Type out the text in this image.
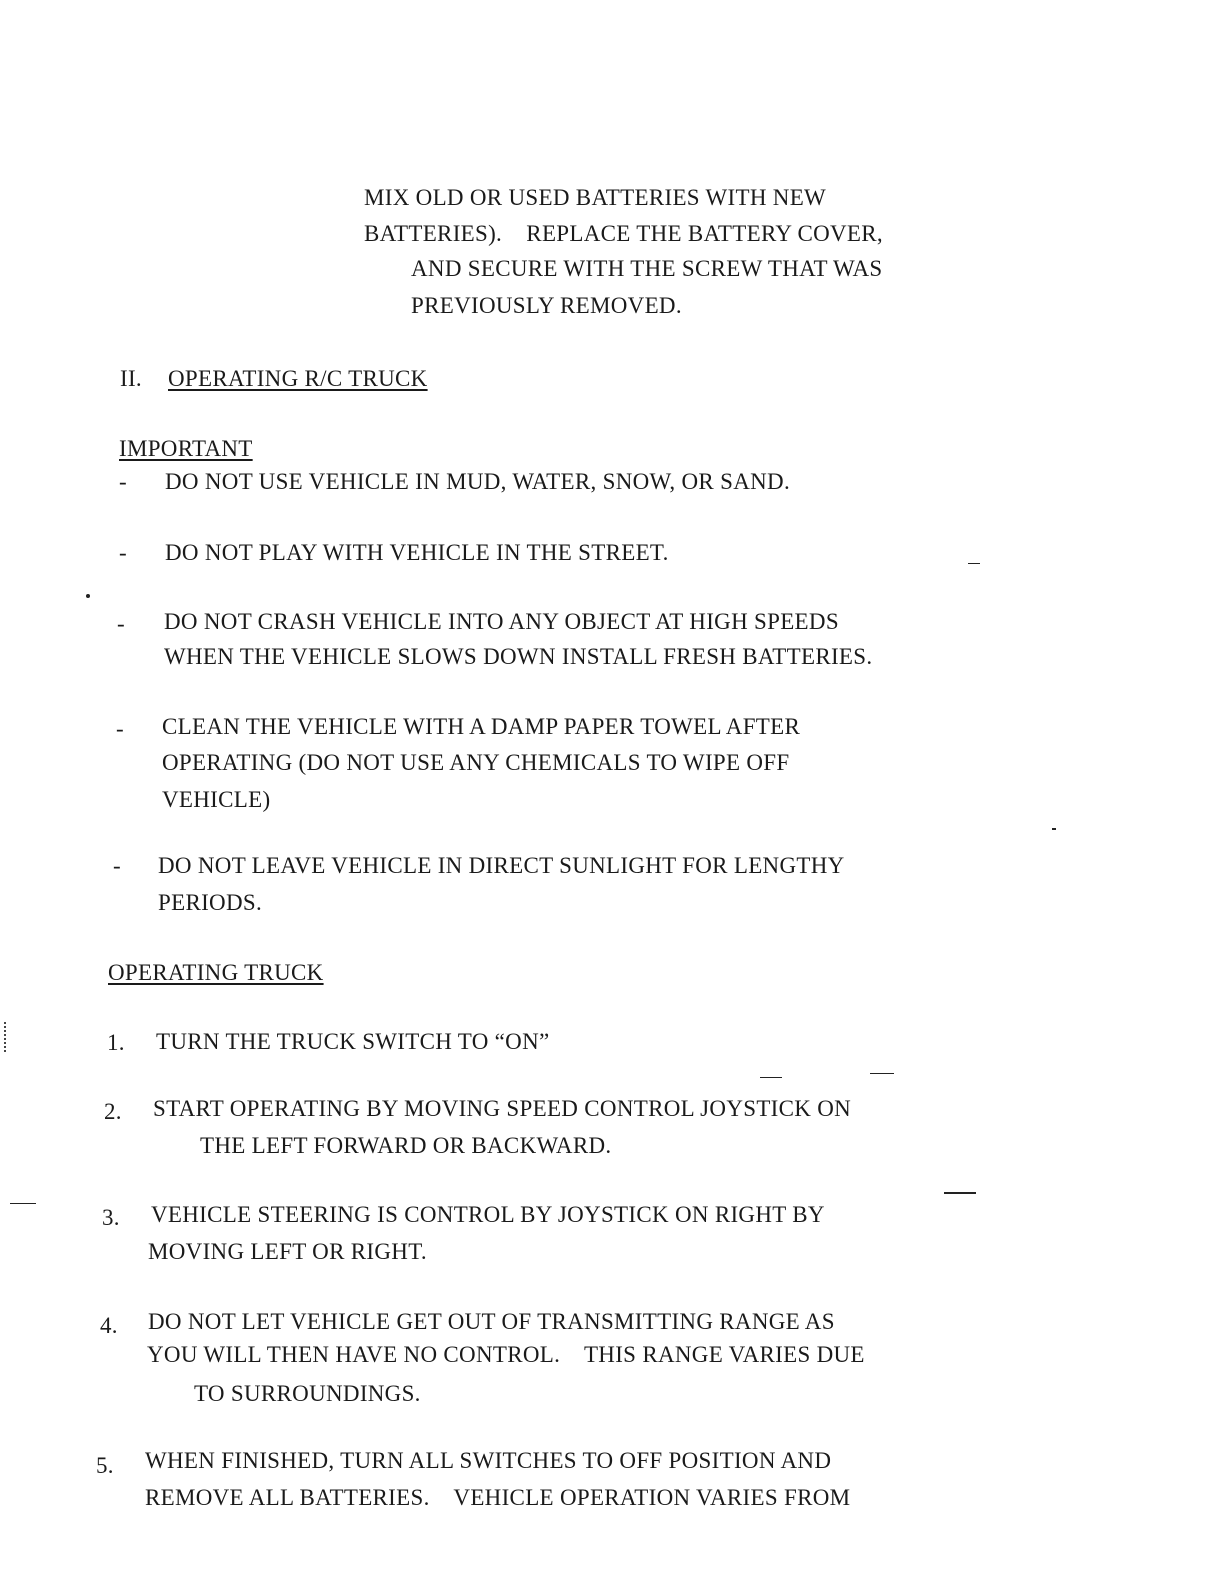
MIX OLD OR USED BATTERIES WITH NEW
BATTERIES).    REPLACE THE BATTERY COVER,
AND SECURE WITH THE SCREW THAT WAS
PREVIOUSLY REMOVED.
II. OPERATING R/C TRUCK
IMPORTANT
- DO NOT USE VEHICLE IN MUD, WATER, SNOW, OR SAND.
- DO NOT PLAY WITH VEHICLE IN THE STREET.
- DO NOT CRASH VEHICLE INTO ANY OBJECT AT HIGH SPEEDS
WHEN THE VEHICLE SLOWS DOWN INSTALL FRESH BATTERIES.
- CLEAN THE VEHICLE WITH A DAMP PAPER TOWEL AFTER
OPERATING (DO NOT USE ANY CHEMICALS TO WIPE OFF
VEHICLE)
- DO NOT LEAVE VEHICLE IN DIRECT SUNLIGHT FOR LENGTHY
PERIODS.
OPERATING TRUCK
1. TURN THE TRUCK SWITCH TO “ON”
2. START OPERATING BY MOVING SPEED CONTROL JOYSTICK ON
THE LEFT FORWARD OR BACKWARD.
3. VEHICLE STEERING IS CONTROL BY JOYSTICK ON RIGHT BY
MOVING LEFT OR RIGHT.
4. DO NOT LET VEHICLE GET OUT OF TRANSMITTING RANGE AS
YOU WILL THEN HAVE NO CONTROL.    THIS RANGE VARIES DUE
TO SURROUNDINGS.
5. WHEN FINISHED, TURN ALL SWITCHES TO OFF POSITION AND
REMOVE ALL BATTERIES.    VEHICLE OPERATION VARIES FROM
